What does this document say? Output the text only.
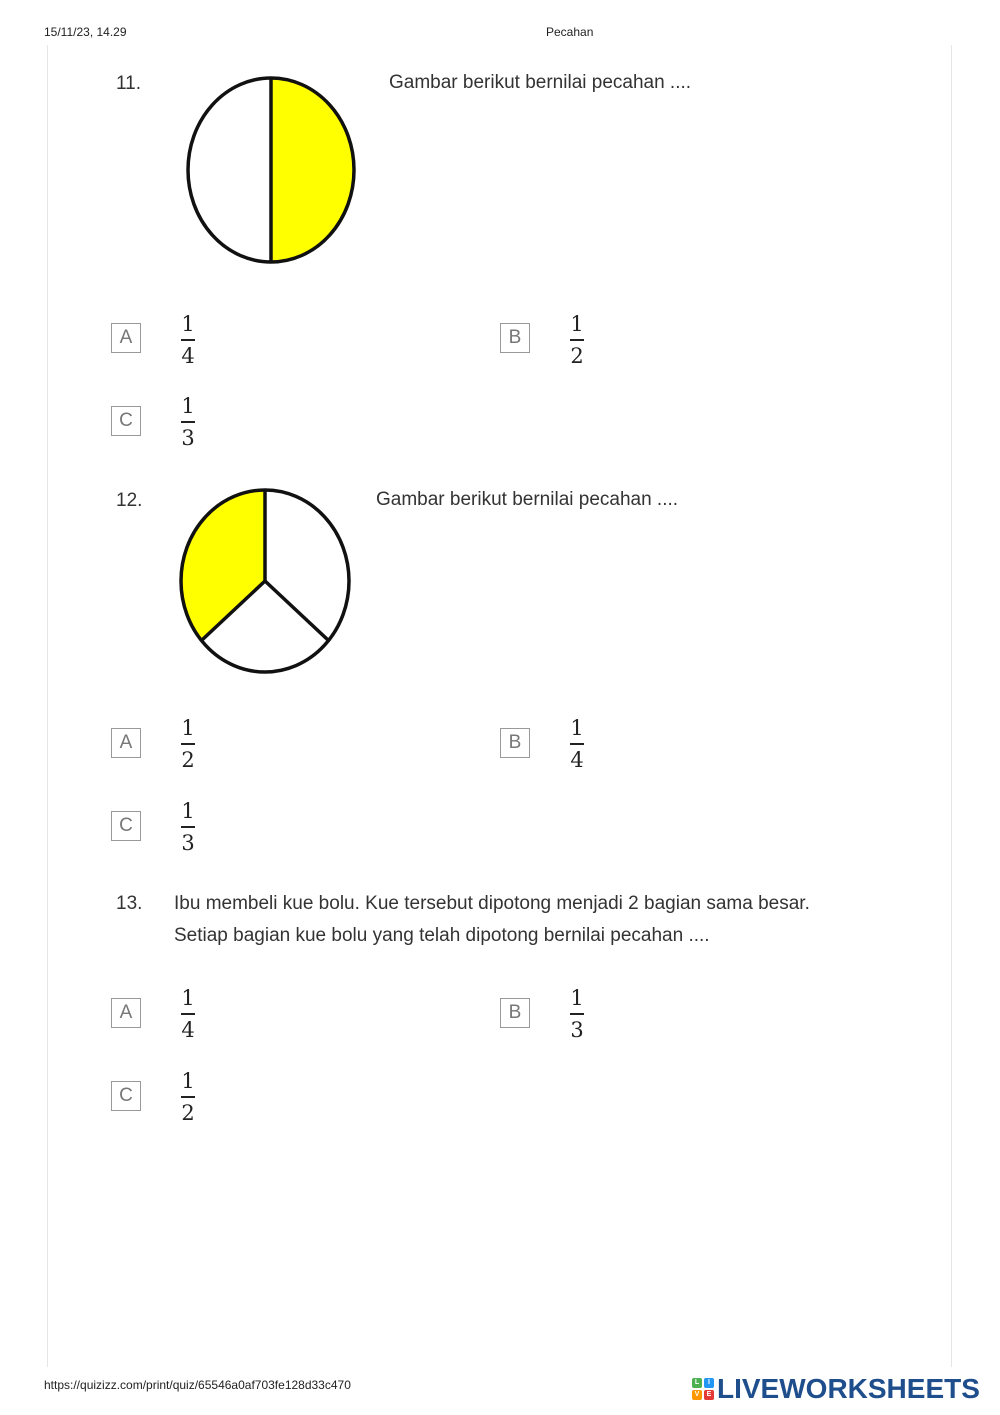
15/11/23, 14.29	Pecahan
11.	Gambar berikut bernilai pecahan ....
A
1
4
B
1
2
C
1
3
12.	Gambar berikut bernilai pecahan ....
A
1
2
B
1
4
C
1
3
13. Ibu membeli kue bolu. Kue tersebut dipotong menjadi 2 bagian sama besar.
Setiap bagian kue bolu yang telah dipotong bernilai pecahan ....
A
1
4
B
1
3
C
1
2
https://quizizz.com/print/quiz/65546a0af703fe128d33c470	L	I
V	E LIVEWORKSHEETS
